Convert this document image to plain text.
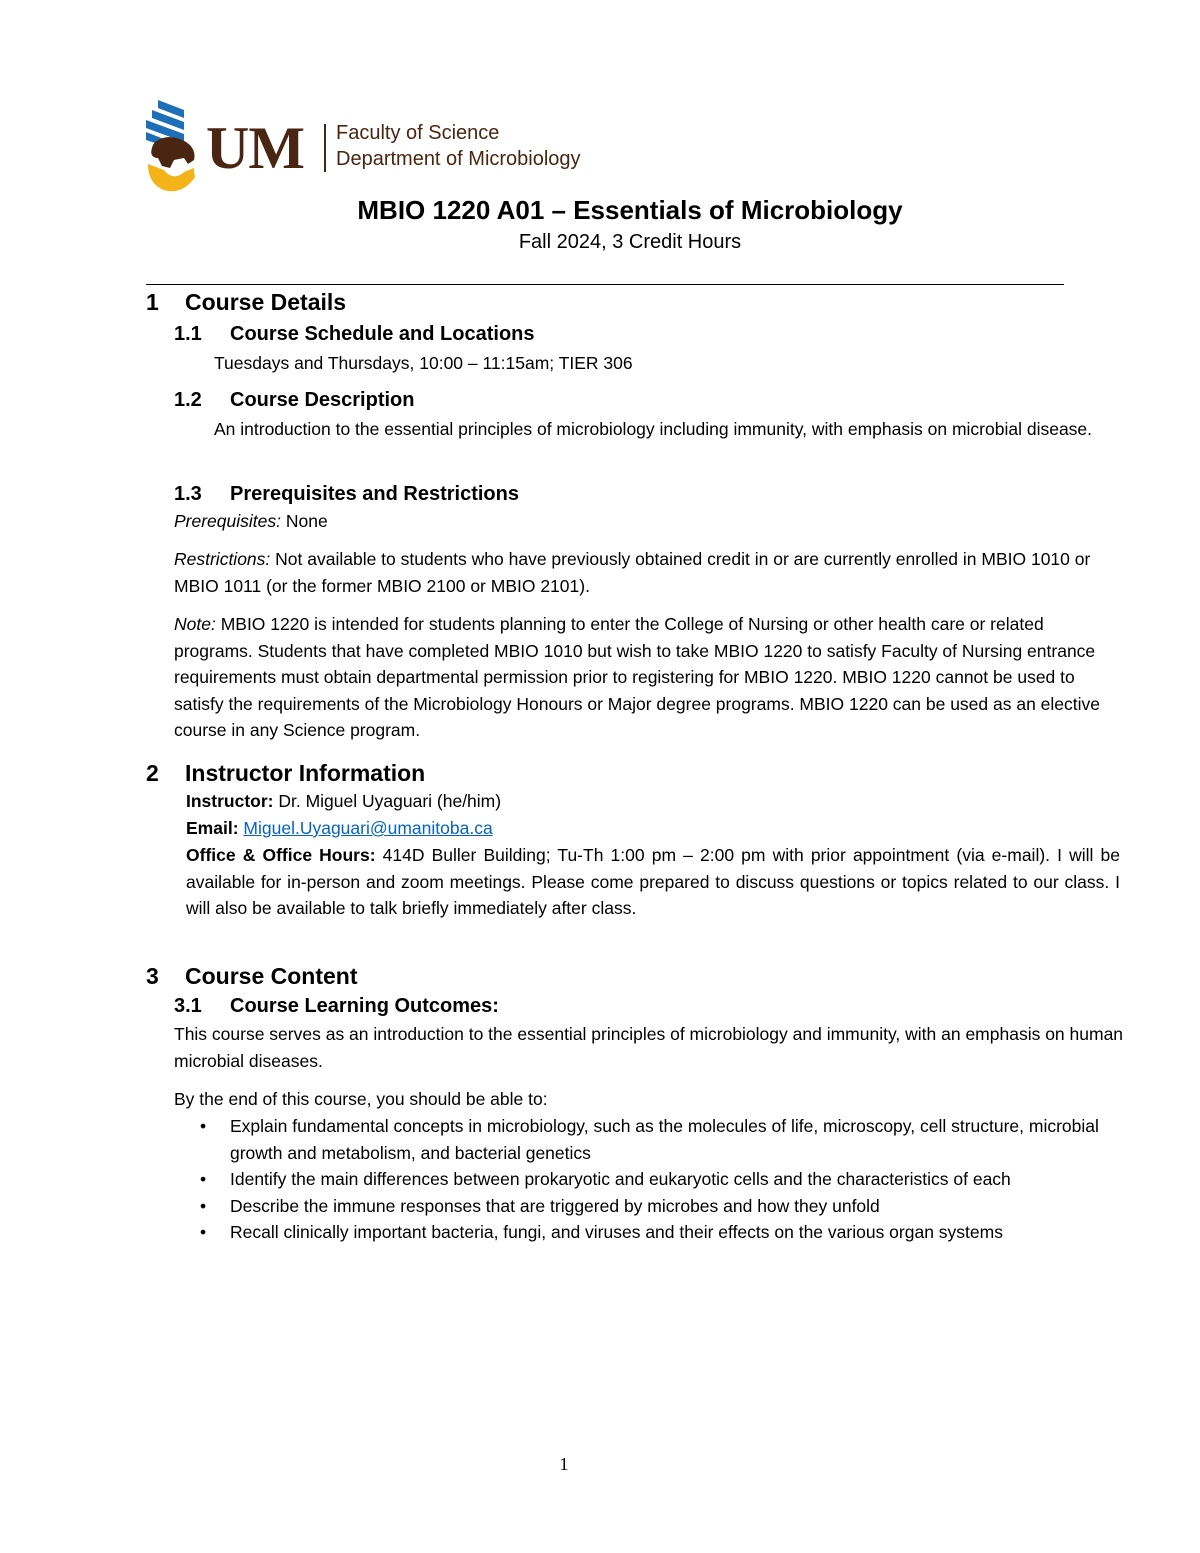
UM Faculty of Science
Department of Microbiology
MBIO 1220 A01 – Essentials of Microbiology
Fall 2024, 3 Credit Hours
1 Course Details
1.1 Course Schedule and Locations
Tuesdays and Thursdays, 10:00 – 11:15am; TIER 306
1.2 Course Description
An introduction to the essential principles of microbiology including immunity, with emphasis on microbial disease.
1.3 Prerequisites and Restrictions
Prerequisites: None
Restrictions: Not available to students who have previously obtained credit in or are currently enrolled in MBIO 1010 or MBIO 1011 (or the former MBIO 2100 or MBIO 2101).
Note: MBIO 1220 is intended for students planning to enter the College of Nursing or other health care or related programs. Students that have completed MBIO 1010 but wish to take MBIO 1220 to satisfy Faculty of Nursing entrance requirements must obtain departmental permission prior to registering for MBIO 1220. MBIO 1220 cannot be used to satisfy the requirements of the Microbiology Honours or Major degree programs. MBIO 1220 can be used as an elective course in any Science program.
2 Instructor Information
Instructor: Dr. Miguel Uyaguari (he/him)
Email: Miguel.Uyaguari@umanitoba.ca
Office & Office Hours: 414D Buller Building; Tu-Th 1:00 pm – 2:00 pm with prior appointment (via e-mail). I will be available for in-person and zoom meetings. Please come prepared to discuss questions or topics related to our class. I will also be available to talk briefly immediately after class.
3 Course Content
3.1 Course Learning Outcomes:
This course serves as an introduction to the essential principles of microbiology and immunity, with an emphasis on human microbial diseases.
By the end of this course, you should be able to:
• Explain fundamental concepts in microbiology, such as the molecules of life, microscopy, cell structure, microbial growth and metabolism, and bacterial genetics
• Identify the main differences between prokaryotic and eukaryotic cells and the characteristics of each
• Describe the immune responses that are triggered by microbes and how they unfold
• Recall clinically important bacteria, fungi, and viruses and their effects on the various organ systems
1
